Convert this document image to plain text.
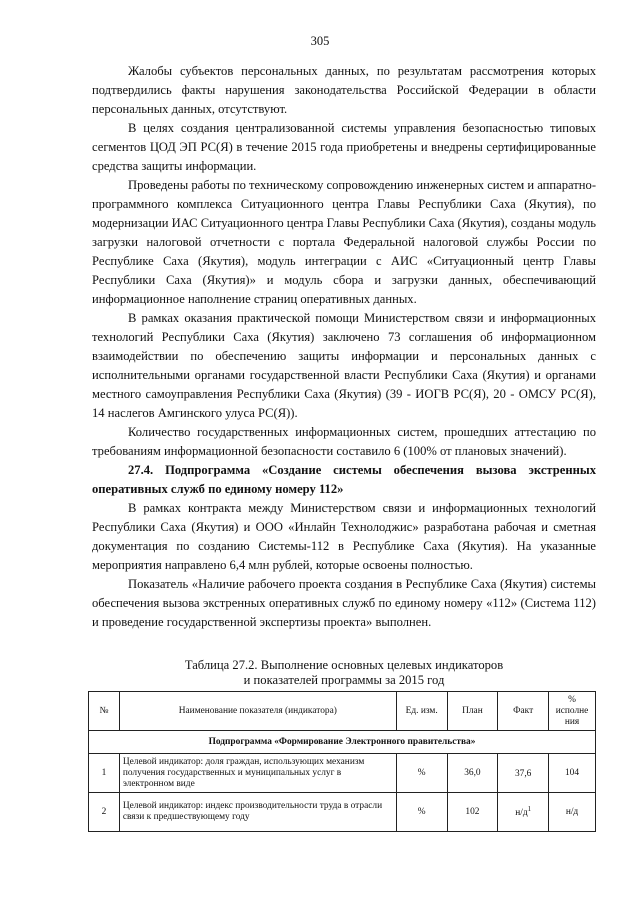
305

Жалобы субъектов персональных данных, по результатам рассмотрения которых подтвердились факты нарушения законодательства Российской Федерации в области персональных данных, отсутствуют.

В целях создания централизованной системы управления безопасностью типовых сегментов ЦОД ЭП РС(Я) в течение 2015 года приобретены и внедрены сертифицированные средства защиты информации.

Проведены работы по техническому сопровождению инженерных систем и аппаратно-программного комплекса Ситуационного центра Главы Республики Саха (Якутия), по модернизации ИАС Ситуационного центра Главы Республики Саха (Якутия), созданы модуль загрузки налоговой отчетности с портала Федеральной налоговой службы России по Республике Саха (Якутия), модуль интеграции с АИС «Ситуационный центр Главы Республики Саха (Якутия)» и модуль сбора и загрузки данных, обеспечивающий информационное наполнение страниц оперативных данных.

В рамках оказания практической помощи Министерством связи и информационных технологий Республики Саха (Якутия) заключено 73 соглашения об информационном взаимодействии по обеспечению защиты информации и персональных данных с исполнительными органами государственной власти Республики Саха (Якутия) и органами местного самоуправления Республики Саха (Якутия) (39 - ИОГВ РС(Я), 20 - ОМСУ РС(Я), 14 наслегов Амгинского улуса РС(Я)).

Количество государственных информационных систем, прошедших аттестацию по требованиям информационной безопасности составило 6 (100% от плановых значений).

27.4. Подпрограмма «Создание системы обеспечения вызова экстренных оперативных служб по единому номеру 112»

В рамках контракта между Министерством связи и информационных технологий Республики Саха (Якутия) и ООО «Инлайн Технолоджис» разработана рабочая и сметная документация по созданию Системы-112 в Республике Саха (Якутия). На указанные мероприятия направлено 6,4 млн рублей, которые освоены полностью.

Показатель «Наличие рабочего проекта создания в Республике Саха (Якутия) системы обеспечения вызова экстренных оперативных служб по единому номеру «112» (Система 112) и проведение государственной экспертизы проекта» выполнен.

Таблица 27.2. Выполнение основных целевых индикаторов
и показателей программы за 2015 год
№	Наименование показателя (индикатора)	Ед. изм.	План	Факт	% исполне ния
Подпрограмма «Формирование Электронного правительства»					
1	Целевой индикатор: доля граждан, использующих механизм получения государственных и муниципальных услуг в электронном виде	%	36,0	37,6	104
2	Целевой индикатор: индекс производительности труда в отрасли связи к предшествующему году	%	102	$н/д^1$	н/д
